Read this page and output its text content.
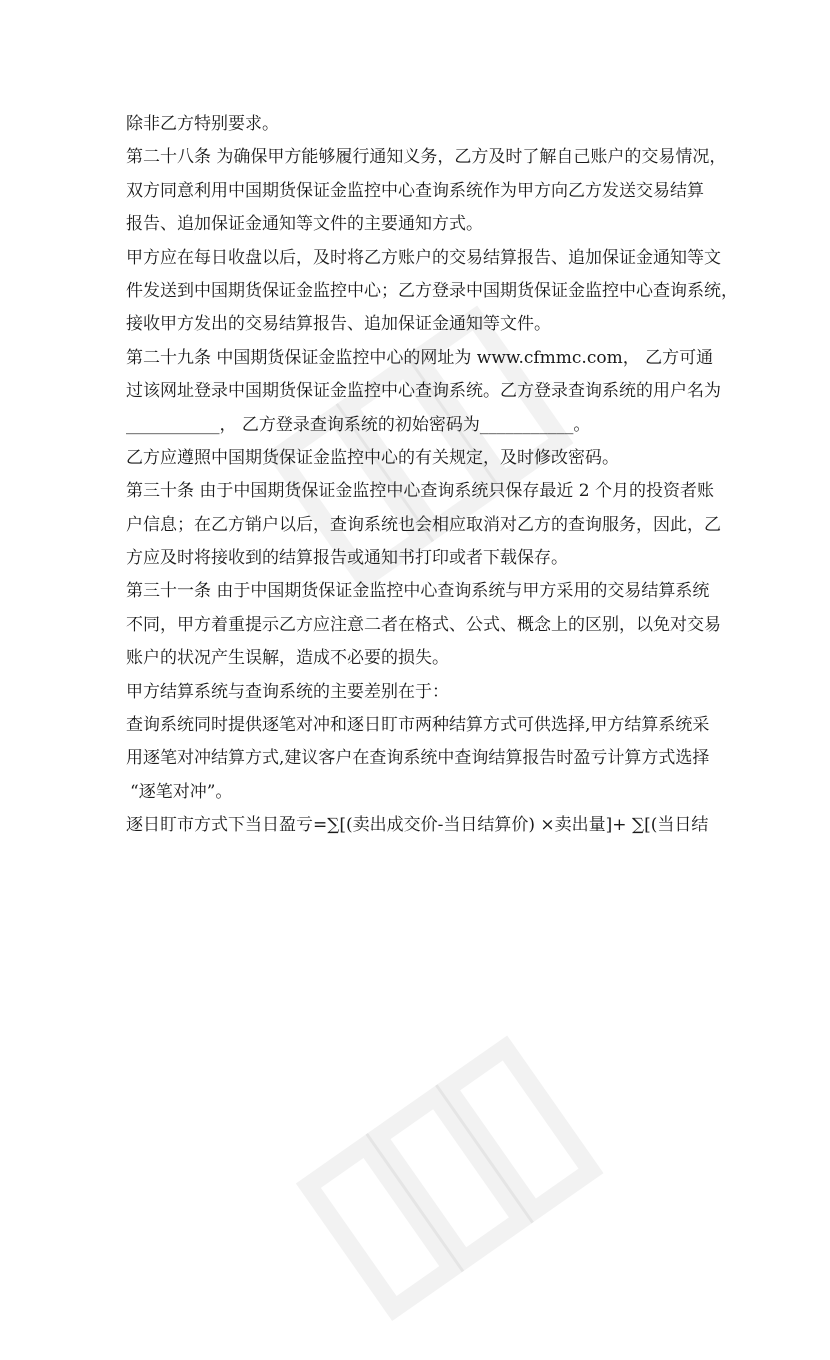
除非乙方特别要求。
第二十八条 为确保甲方能够履行通知义务，乙方及时了解自己账户的交易情况，
双方同意利用中国期货保证金监控中心查询系统作为甲方向乙方发送交易结算
报告、追加保证金通知等文件的主要通知方式。
甲方应在每日收盘以后，及时将乙方账户的交易结算报告、追加保证金通知等文
件发送到中国期货保证金监控中心；乙方登录中国期货保证金监控中心查询系统，
接收甲方发出的交易结算报告、追加保证金通知等文件。
第二十九条 中国期货保证金监控中心的网址为 www.cfmmc.com， 乙方可通
过该网址登录中国期货保证金监控中心查询系统。乙方登录查询系统的用户名为
___________， 乙方登录查询系统的初始密码为___________。
乙方应遵照中国期货保证金监控中心的有关规定，及时修改密码。
第三十条 由于中国期货保证金监控中心查询系统只保存最近 2 个月的投资者账
户信息；在乙方销户以后，查询系统也会相应取消对乙方的查询服务，因此，乙
方应及时将接收到的结算报告或通知书打印或者下载保存。
第三十一条 由于中国期货保证金监控中心查询系统与甲方采用的交易结算系统
不同，甲方着重提示乙方应注意二者在格式、公式、概念上的区别，以免对交易
账户的状况产生误解，造成不必要的损失。
甲方结算系统与查询系统的主要差别在于：
查询系统同时提供逐笔对冲和逐日盯市两种结算方式可供选择,甲方结算系统采
用逐笔对冲结算方式,建议客户在查询系统中查询结算报告时盈亏计算方式选择
“逐笔对冲”。
逐日盯市方式下当日盈亏=∑[(卖出成交价-当日结算价) ×卖出量]+ ∑[(当日结
